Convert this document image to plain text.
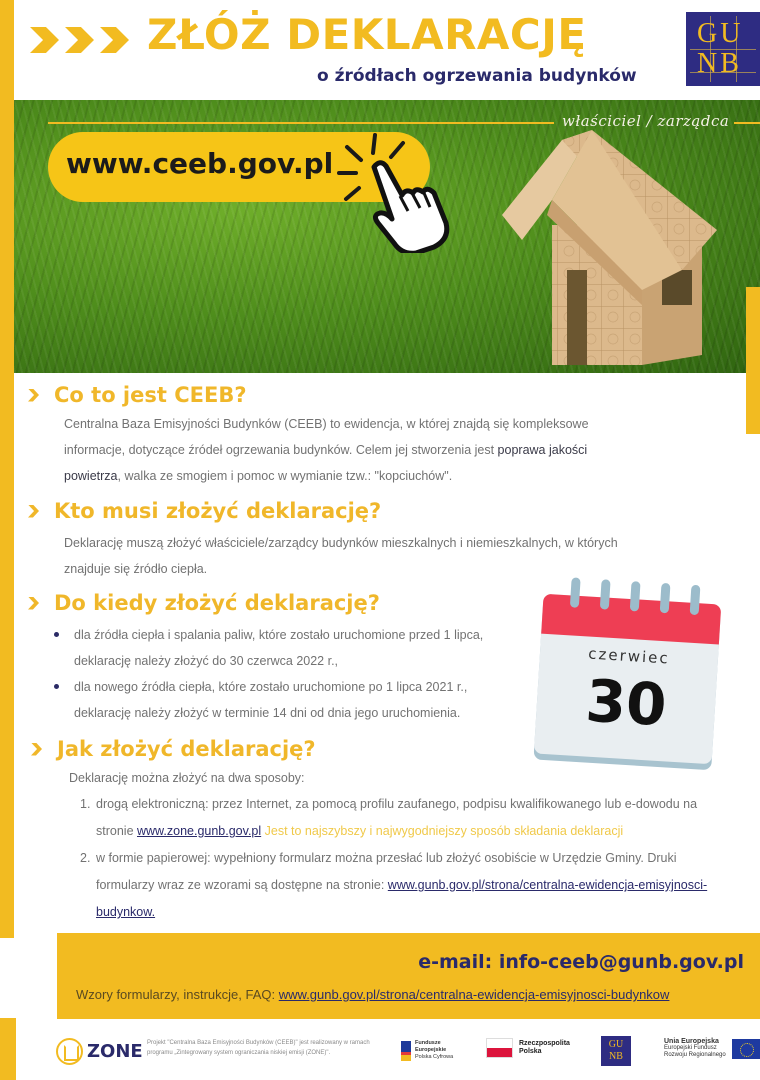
ZŁÓŻ DEKLARACJĘ
o źródłach ogrzewania budynków
GU
NB
właściciel / zarządca
www.ceeb.gov.pl
Co to jest CEEB?
Centralna Baza Emisyjności Budynków (CEEB) to ewidencja, w której znajdą się kompleksowe informacje, dotyczące źródeł ogrzewania budynków. Celem jej stworzenia jest poprawa jakości powietrza, walka ze smogiem i pomoc w wymianie tzw.: "kopciuchów".
Kto musi złożyć deklarację?
Deklarację muszą złożyć właściciele/zarządcy budynków mieszkalnych i niemieszkalnych, w których znajduje się źródło ciepła.
Do kiedy złożyć deklarację?
dla źródła ciepła i spalania paliw, które zostało uruchomione przed 1 lipca, deklarację należy złożyć do 30 czerwca 2022 r.,
dla nowego źródła ciepła, które zostało uruchomione po 1 lipca 2021 r., deklarację należy złożyć w terminie 14 dni od dnia jego uruchomienia.
czerwiec
30
Jak złożyć deklarację?
Deklarację można złożyć na dwa sposoby:
1. drogą elektroniczną: przez Internet, za pomocą profilu zaufanego, podpisu kwalifikowanego lub e-dowodu na stronie www.zone.gunb.gov.pl Jest to najszybszy i najwygodniejszy sposób składania deklaracji
2. w formie papierowej: wypełniony formularz można przesłać lub złożyć osobiście w Urzędzie Gminy. Druki formularzy wraz ze wzorami są dostępne na stronie: www.gunb.gov.pl/strona/centralna-ewidencja-emisyjnosci-budynkow.
e-mail: info-ceeb@gunb.gov.pl
Wzory formularzy, instrukcje, FAQ: www.gunb.gov.pl/strona/centralna-ewidencja-emisyjnosci-budynkow
ZONE Projekt "Centralna Baza Emisyjności Budynków (CEEB)" jest realizowany w ramach programu „Zintegrowany system ograniczania niskiej emisji (ZONE)".
Fundusze
Europejskie
Polska Cyfrowa
Rzeczpospolita
Polska
GU
NB
Unia Europejska
Europejski Fundusz
Rozwoju Regionalnego
